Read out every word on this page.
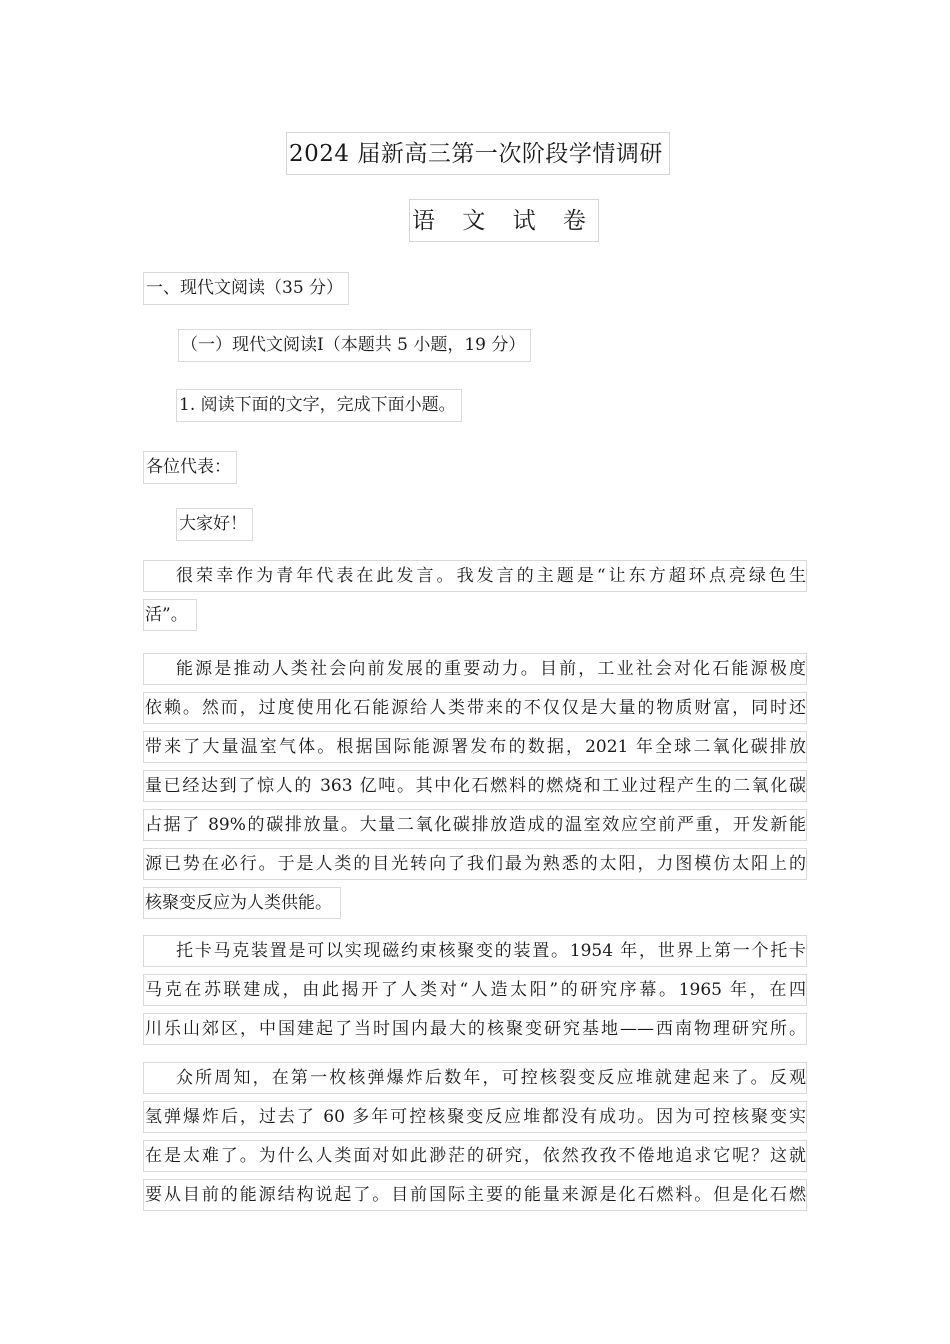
2024 届新高三第一次阶段学情调研
语 文 试 卷
一、现代文阅读（35 分）
（一）现代文阅读Ⅰ（本题共 5 小题，19 分）
1. 阅读下面的文字，完成下面小题。
各位代表：
大家好！
很荣幸作为青年代表在此发言。我发言的主题是“让东方超环点亮绿色生
活”。
能源是推动人类社会向前发展的重要动力。目前，工业社会对化石能源极度
依赖。然而，过度使用化石能源给人类带来的不仅仅是大量的物质财富，同时还
带来了大量温室气体。根据国际能源署发布的数据，2021 年全球二氧化碳排放
量已经达到了惊人的 363 亿吨。其中化石燃料的燃烧和工业过程产生的二氧化碳
占据了 89%的碳排放量。大量二氧化碳排放造成的温室效应空前严重，开发新能
源已势在必行。于是人类的目光转向了我们最为熟悉的太阳，力图模仿太阳上的
核聚变反应为人类供能。
托卡马克装置是可以实现磁约束核聚变的装置。1954 年，世界上第一个托卡
马克在苏联建成，由此揭开了人类对“人造太阳”的研究序幕。1965 年，在四
川乐山郊区，中国建起了当时国内最大的核聚变研究基地——西南物理研究所。
众所周知，在第一枚核弹爆炸后数年，可控核裂变反应堆就建起来了。反观
氢弹爆炸后，过去了 60 多年可控核聚变反应堆都没有成功。因为可控核聚变实
在是太难了。为什么人类面对如此渺茫的研究，依然孜孜不倦地追求它呢？这就
要从目前的能源结构说起了。目前国际主要的能量来源是化石燃料。但是化石燃
